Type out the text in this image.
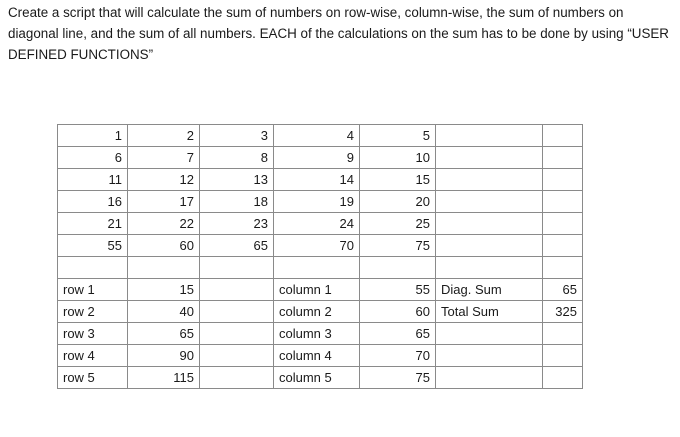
Create a script that will calculate the sum of numbers on row-wise, column-wise, the sum of numbers on diagonal line, and the sum of all numbers. EACH of the calculations on the sum has to be done by using “USER DEFINED FUNCTIONS”

1	2	3	4	5		
6	7	8	9	10		
11	12	13	14	15		
16	17	18	19	20		
21	22	23	24	25		
55	60	65	70	75		

row 1	15		column 1	55	Diag. Sum	65
row 2	40		column 2	60	Total Sum	325
row 3	65		column 3	65		
row 4	90		column 4	70		
row 5	115		column 5	75		
